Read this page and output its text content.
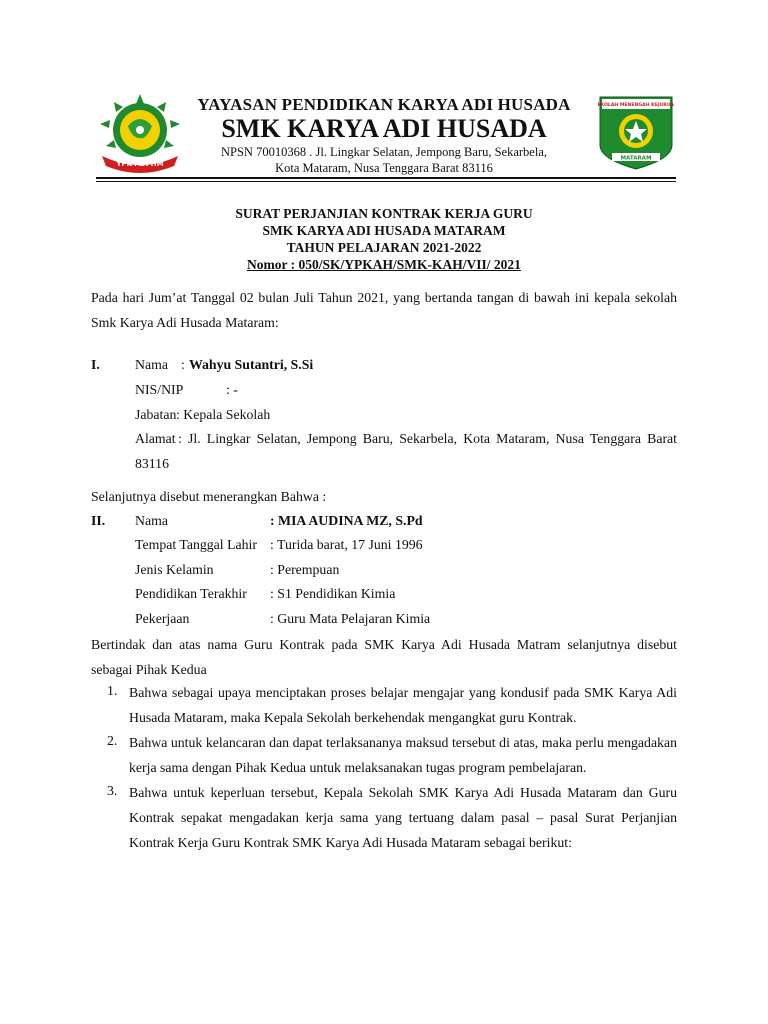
YPK ADI HM
SEKOLAH MENENGAH KEJURUAN
MATARAM
YAYASAN PENDIDIKAN KARYA ADI HUSADA
SMK KARYA ADI HUSADA
NPSN 70010368 . Jl. Lingkar Selatan, Jempong Baru, Sekarbela,
Kota Mataram, Nusa Tenggara Barat 83116
SURAT PERJANJIAN KONTRAK KERJA GURU
SMK KARYA ADI HUSADA MATARAM
TAHUN PELAJARAN 2021-2022
Nomor : 050/SK/YPKAH/SMK-KAH/VII/ 2021
Pada hari Jum’at Tanggal 02 bulan Juli Tahun 2021, yang bertanda tangan di bawah ini kepala sekolah Smk Karya Adi Husada Mataram:
I.	Nama : Wahyu Sutantri, S.Si
NIS/NIP	: -
Jabatan : Kepala Sekolah
Alamat : Jl. Lingkar Selatan, Jempong Baru, Sekarbela, Kota Mataram, Nusa Tenggara Barat
83116
Selanjutnya disebut menerangkan Bahwa :
II. Nama	: MIA AUDINA MZ, S.Pd
Tempat Tanggal Lahir : Turida barat, 17 Juni 1996
Jenis Kelamin	: Perempuan
Pendidikan Terakhir : S1 Pendidikan Kimia
Pekerjaan	: Guru Mata Pelajaran Kimia
Bertindak dan atas nama Guru Kontrak pada SMK Karya Adi Husada Matram selanjutnya disebut sebagai Pihak Kedua
1. Bahwa sebagai upaya menciptakan proses belajar mengajar yang kondusif pada SMK Karya Adi Husada Mataram, maka Kepala Sekolah berkehendak mengangkat guru Kontrak.
2. Bahwa untuk kelancaran dan dapat terlaksananya maksud tersebut di atas, maka perlu mengadakan kerja sama dengan Pihak Kedua untuk melaksanakan tugas program pembelajaran.
3. Bahwa untuk keperluan tersebut, Kepala Sekolah SMK Karya Adi Husada Mataram dan Guru Kontrak sepakat mengadakan kerja sama yang tertuang dalam pasal – pasal Surat Perjanjian Kontrak Kerja Guru Kontrak SMK Karya Adi Husada Mataram sebagai berikut:
